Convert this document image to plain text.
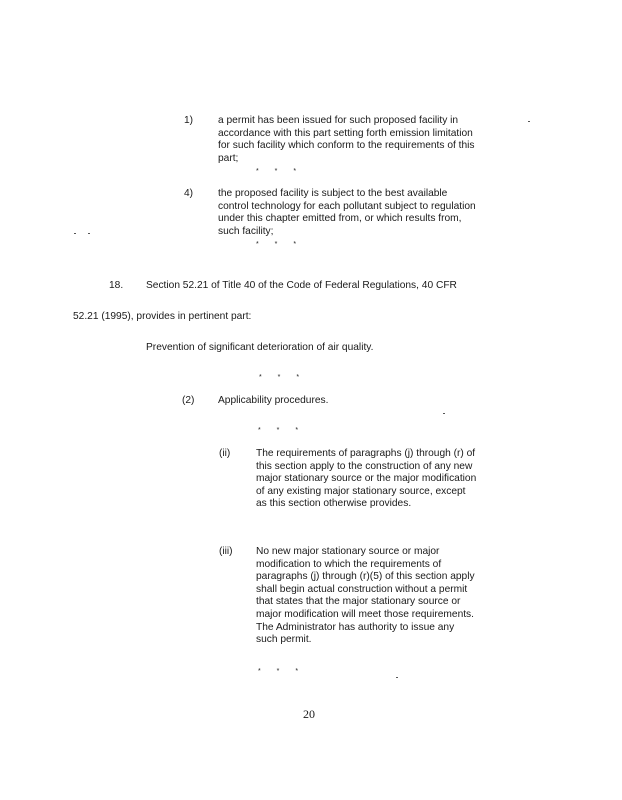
1) a permit has been issued for such proposed facility in accordance with this part setting forth emission limitation for such facility which conform to the requirements of this part;
* * *
4) the proposed facility is subject to the best available control technology for each pollutant subject to regulation under this chapter emitted from, or which results from, such facility;
* * *
18. Section 52.21 of Title 40 of the Code of Federal Regulations, 40 CFR
52.21 (1995), provides in pertinent part:
Prevention of significant deterioration of air quality.
* * *
(2) Applicability procedures.
* * *
(ii)	The requirements of paragraphs (j) through (r) of this section apply to the construction of any new major stationary source or the major modification of any existing major stationary source, except as this section otherwise provides.
(iii) No new major stationary source or major modification to which the requirements of paragraphs (j) through (r)(5) of this section apply shall begin actual construction without a permit that states that the major stationary source or major modification will meet those requirements. The Administrator has authority to issue any such permit.
* * *
20
